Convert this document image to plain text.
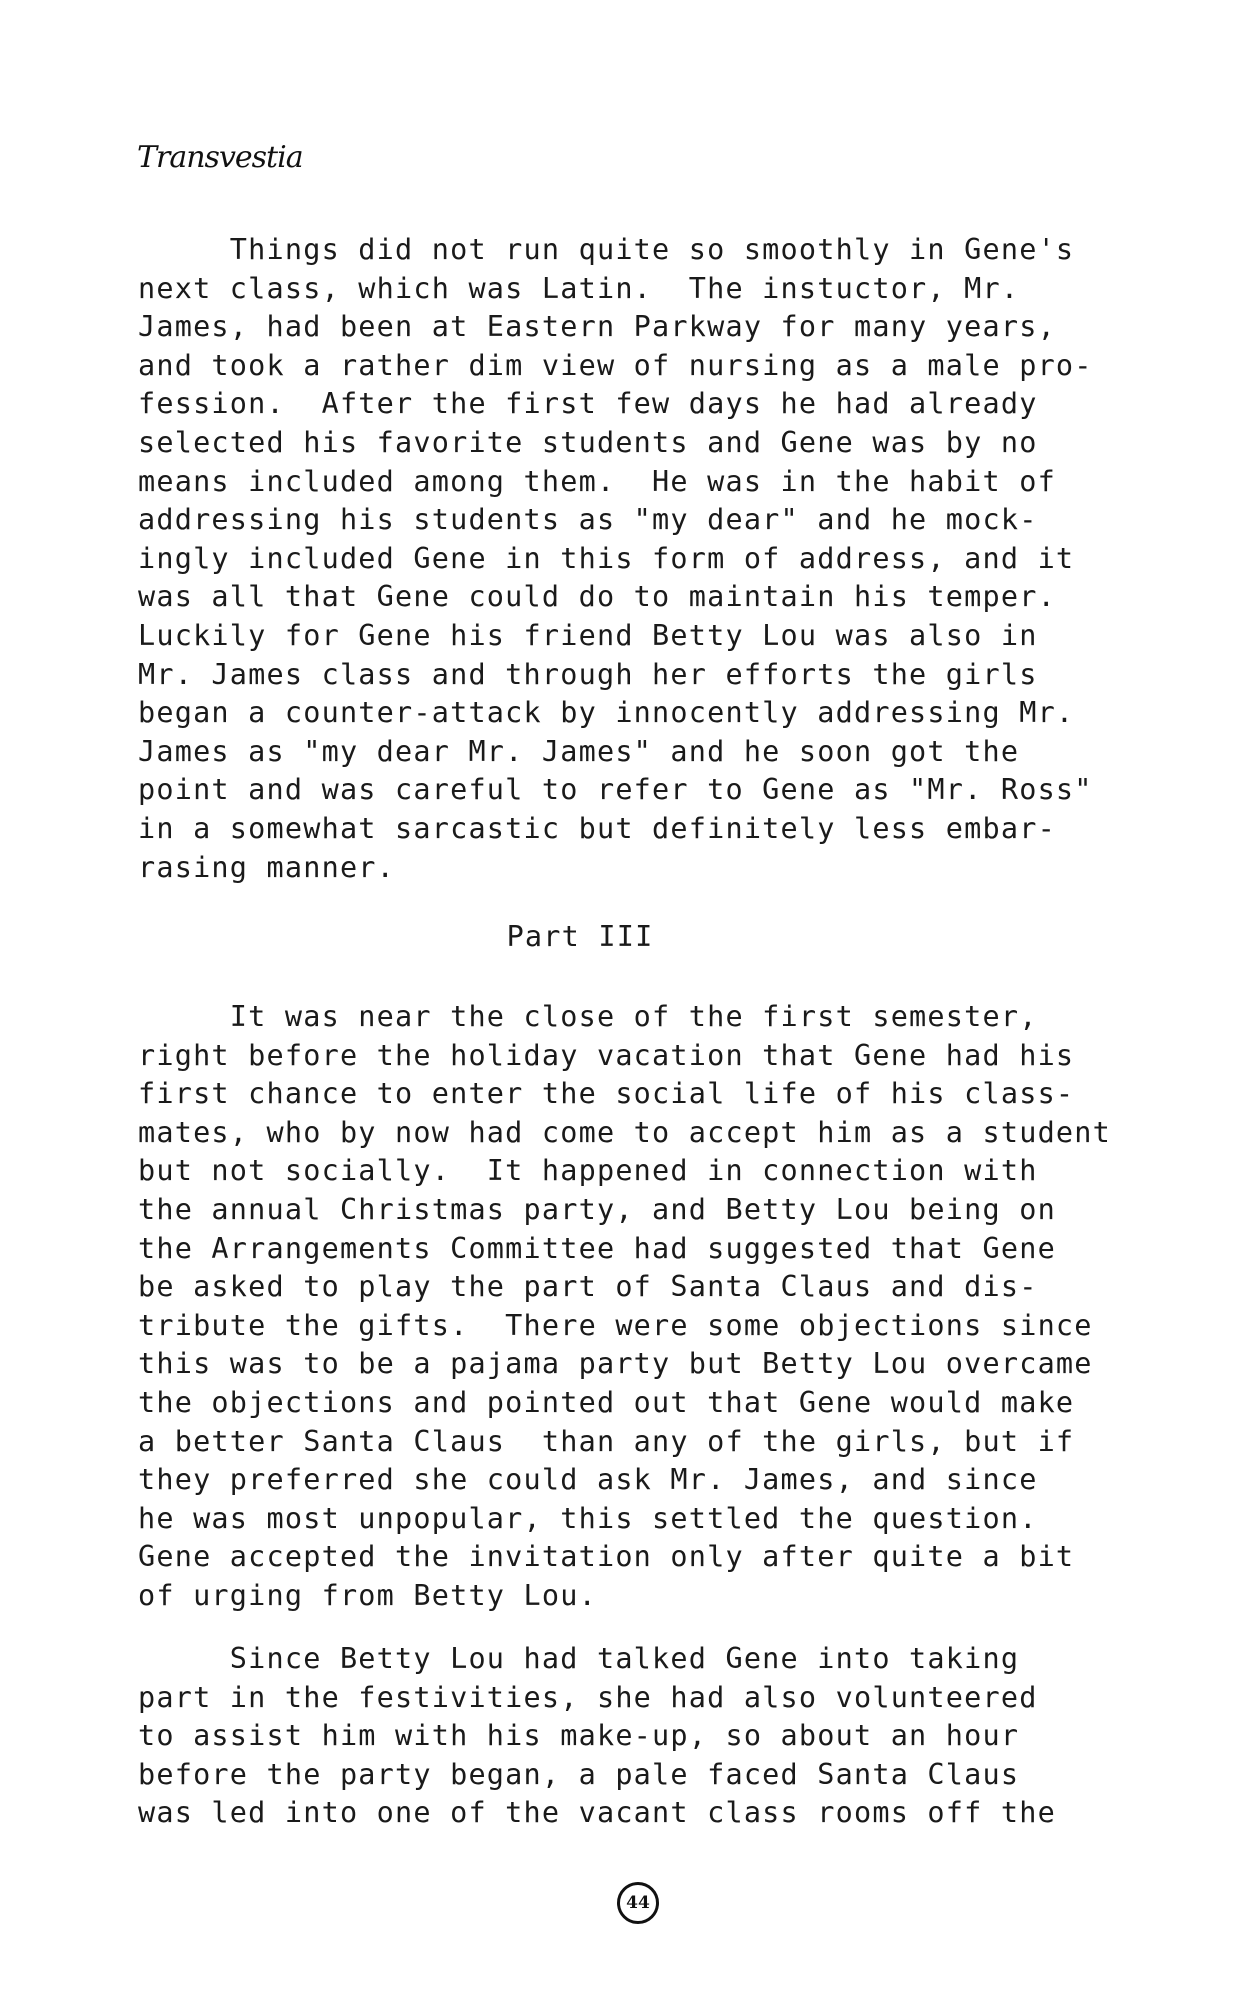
Transvestia
Things did not run quite so smoothly in Gene's
next class, which was Latin.  The instuctor, Mr.
James, had been at Eastern Parkway for many years,
and took a rather dim view of nursing as a male pro-
fession.  After the first few days he had already
selected his favorite students and Gene was by no
means included among them.  He was in the habit of
addressing his students as "my dear" and he mock-
ingly included Gene in this form of address, and it
was all that Gene could do to maintain his temper.
Luckily for Gene his friend Betty Lou was also in
Mr. James class and through her efforts the girls
began a counter-attack by innocently addressing Mr.
James as "my dear Mr. James" and he soon got the
point and was careful to refer to Gene as "Mr. Ross"
in a somewhat sarcastic but definitely less embar-
rasing manner.
Part III
It was near the close of the first semester,
right before the holiday vacation that Gene had his
first chance to enter the social life of his class-
mates, who by now had come to accept him as a student
but not socially.  It happened in connection with
the annual Christmas party, and Betty Lou being on
the Arrangements Committee had suggested that Gene
be asked to play the part of Santa Claus and dis-
tribute the gifts.  There were some objections since
this was to be a pajama party but Betty Lou overcame
the objections and pointed out that Gene would make
a better Santa Claus  than any of the girls, but if
they preferred she could ask Mr. James, and since
he was most unpopular, this settled the question.
Gene accepted the invitation only after quite a bit
of urging from Betty Lou.
Since Betty Lou had talked Gene into taking
part in the festivities, she had also volunteered
to assist him with his make-up, so about an hour
before the party began, a pale faced Santa Claus
was led into one of the vacant class rooms off the
44
